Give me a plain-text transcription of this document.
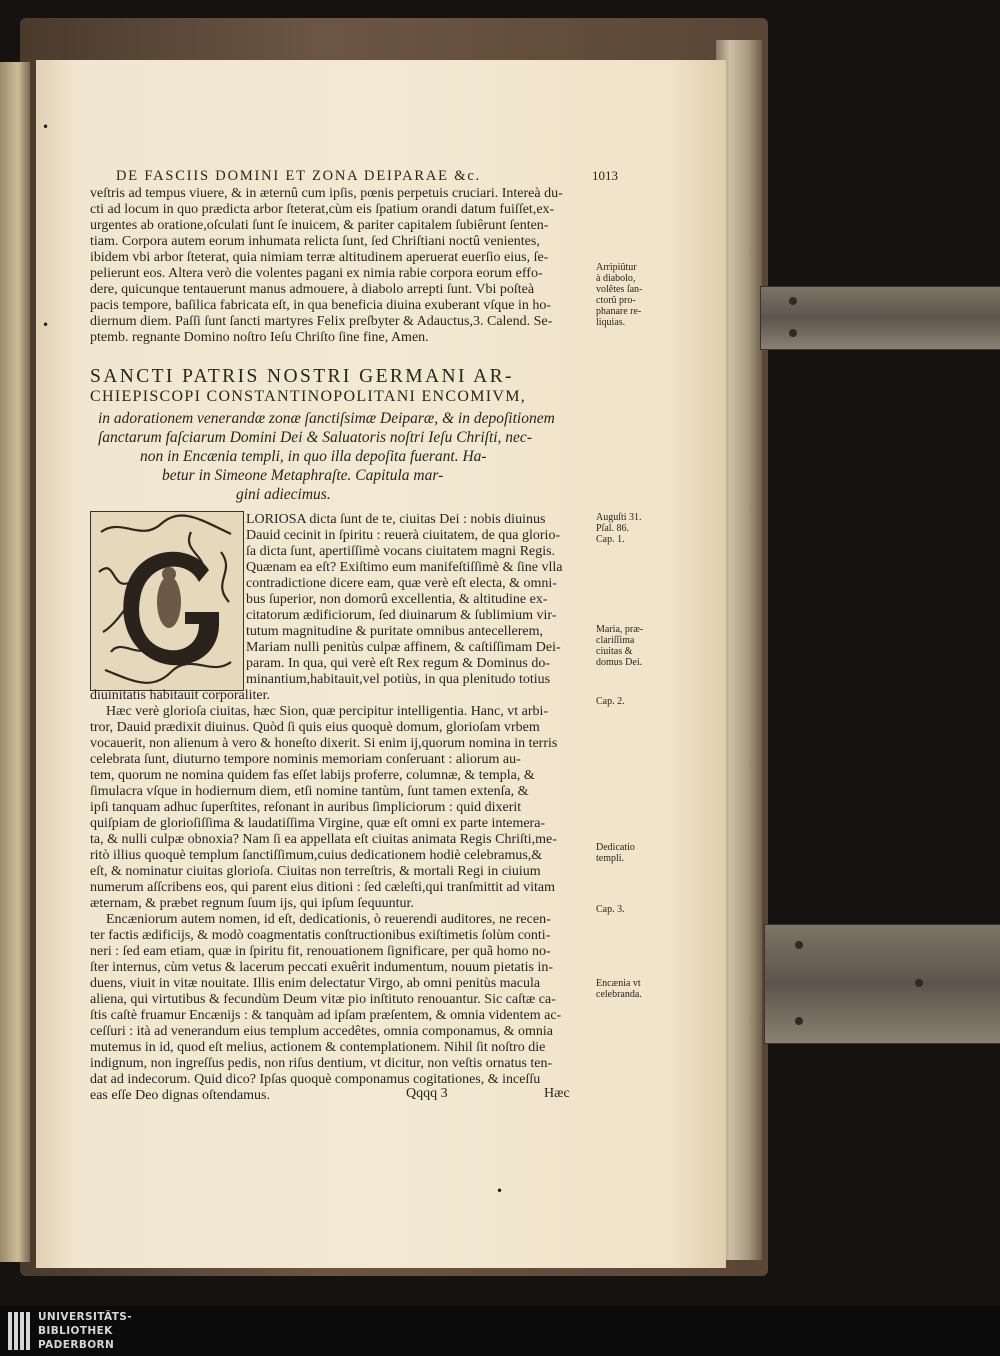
•
•
DE FASCIIS DOMINI ET ZONA DEIPARAE &c.	1013
veſtris ad tempus viuere, & in æternû cum ipſis, pœnis perpetuis cruciari. Intereà du-
cti ad locum in quo prædicta arbor ſteterat,cùm eis ſpatium orandi datum fuiſſet,ex-
urgentes ab oratione,oſculati ſunt ſe inuicem, & pariter capitalem ſubiêrunt ſenten-
tiam. Corpora autem eorum inhumata relicta ſunt, ſed Chriſtiani noctû venientes,
ibidem vbi arbor ſteterat, quia nimiam terræ altitudinem aperuerat euerſio eius, ſe-
pelierunt eos. Altera verò die volentes pagani ex nimia rabie corpora eorum effo-
dere, quicunque tentauerunt manus admouere, à diabolo arrepti ſunt. Vbi poſteà
pacis tempore, baſilica fabricata eſt, in qua beneficia diuina exuberant vſque in ho-
diernum diem. Paſſi ſunt ſancti martyres Felix preſbyter & Adauctus,3. Calend. Se-
ptemb. regnante Domino noſtro Ieſu Chriſto ſine fine, Amen.
Arripiûtur
à diabolo,
volêtes ſan-
ctorû pro-
phanare re-
liquias.
SANCTI PATRIS NOSTRI GERMANI AR-
CHIEPISCOPI CONSTANTINOPOLITANI ENCOMIVM,
in adorationem venerandæ zonæ ſanctiſsimæ Deiparæ, & in depoſitionem
ſanctarum faſciarum Domini Dei & Saluatoris noſtri Ieſu Chriſti, nec-
non in Encænia templi, in quo illa depoſita fuerant. Ha-
betur in Simeone Metaphraſte. Capitula mar-
gini adiecimus.
LORIOSA dicta ſunt de te, ciuitas Dei : nobis diuinus
Dauid cecinit in ſpiritu : reuerà ciuitatem, de qua glorio-
ſa dicta ſunt, apertiſſimè vocans ciuitatem magni Regis.
Quænam ea eſt? Exiſtimo eum manifeſtiſſimè & ſine vlla
contradictione dicere eam, quæ verè eſt electa, & omni-
bus ſuperior, non domorû excellentia, & altitudine ex-
citatorum ædificiorum, ſed diuinarum & ſublimium vir-
tutum magnitudine & puritate omnibus antecellerem,
Mariam nulli penitùs culpæ affinem, & caſtiſſimam Dei-
param. In qua, qui verè eſt Rex regum & Dominus do-
minantium,habitauit,vel potiùs, in qua plenitudo totius
diuinitatis habitauit corporaliter.
Hæc verè glorioſa ciuitas, hæc Sion, quæ percipitur intelligentia. Hanc, vt arbi-
tror, Dauid prædixit diuinus. Quòd ſi quis eius quoquè domum, glorioſam vrbem
vocauerit, non alienum à vero & honeſto dixerit. Si enim ij,quorum nomina in terris
celebrata ſunt, diuturno tempore nominis memoriam conſeruant : aliorum au-
tem, quorum ne nomina quidem fas eſſet labijs proferre, columnæ, & templa, &
ſimulacra vſque in hodiernum diem, etſi nomine tantùm, ſunt tamen extenſa, &
ipſi tanquam adhuc ſuperſtites, reſonant in auribus ſimpliciorum : quid dixerit
quiſpiam de glorioſiſſima & laudatiſſima Virgine, quæ eſt omni ex parte intemera-
ta, & nulli culpæ obnoxia? Nam ſi ea appellata eſt ciuitas animata Regis Chriſti,me-
ritò illius quoquè templum ſanctiſſimum,cuius dedicationem hodiè celebramus,&
eſt, & nominatur ciuitas glorioſa. Ciuitas non terreſtris, & mortali Regi in ciuium
numerum aſſcribens eos, qui parent eius ditioni : ſed cæleſti,qui tranſmittit ad vitam
æternam, & præbet regnum ſuum ijs, qui ipſum ſequuntur.
Encæniorum autem nomen, id eſt, dedicationis, ò reuerendi auditores, ne recen-
ter factis ædificijs, & modò coagmentatis conſtructionibus exiſtimetis ſolùm conti-
neri : ſed eam etiam, quæ in ſpiritu fit, renouationem ſignificare, per quã homo no-
ſter internus, cùm vetus & lacerum peccati exuêrit indumentum, nouum pietatis in-
duens, viuit in vitæ nouitate. Illis enim delectatur Virgo, ab omni penitùs macula
aliena, qui virtutibus & fecundùm Deum vitæ pio inſtituto renouantur. Sic caſtæ ca-
ſtis caſtè fruamur Encænijs : & tanquàm ad ipſam præſentem, & omnia videntem ac-
ceſſuri : ità ad venerandum eius templum accedêtes, omnia componamus, & omnia
mutemus in id, quod eſt melius, actionem & contemplationem. Nihil ſit noſtro die
indignum, non ingreſſus pedis, non riſus dentium, vt dicitur, non veſtis ornatus ten-
dat ad indecorum. Quid dico? Ipſas quoquè componamus cogitationes, & inceſſu
eas eſſe Deo dignas oſtendamus.
Auguſti 31.
Pſal. 86.
Cap. 1.
Maria, præ-
clariſſima
ciuitas &
domus Dei.
Cap. 2.
Dedicatio
templi.
Cap. 3.
Encænia vt
celebranda.
Qqqq 3	Hæc
•
UNIVERSITÄTS-
BIBLIOTHEK
PADERBORN
